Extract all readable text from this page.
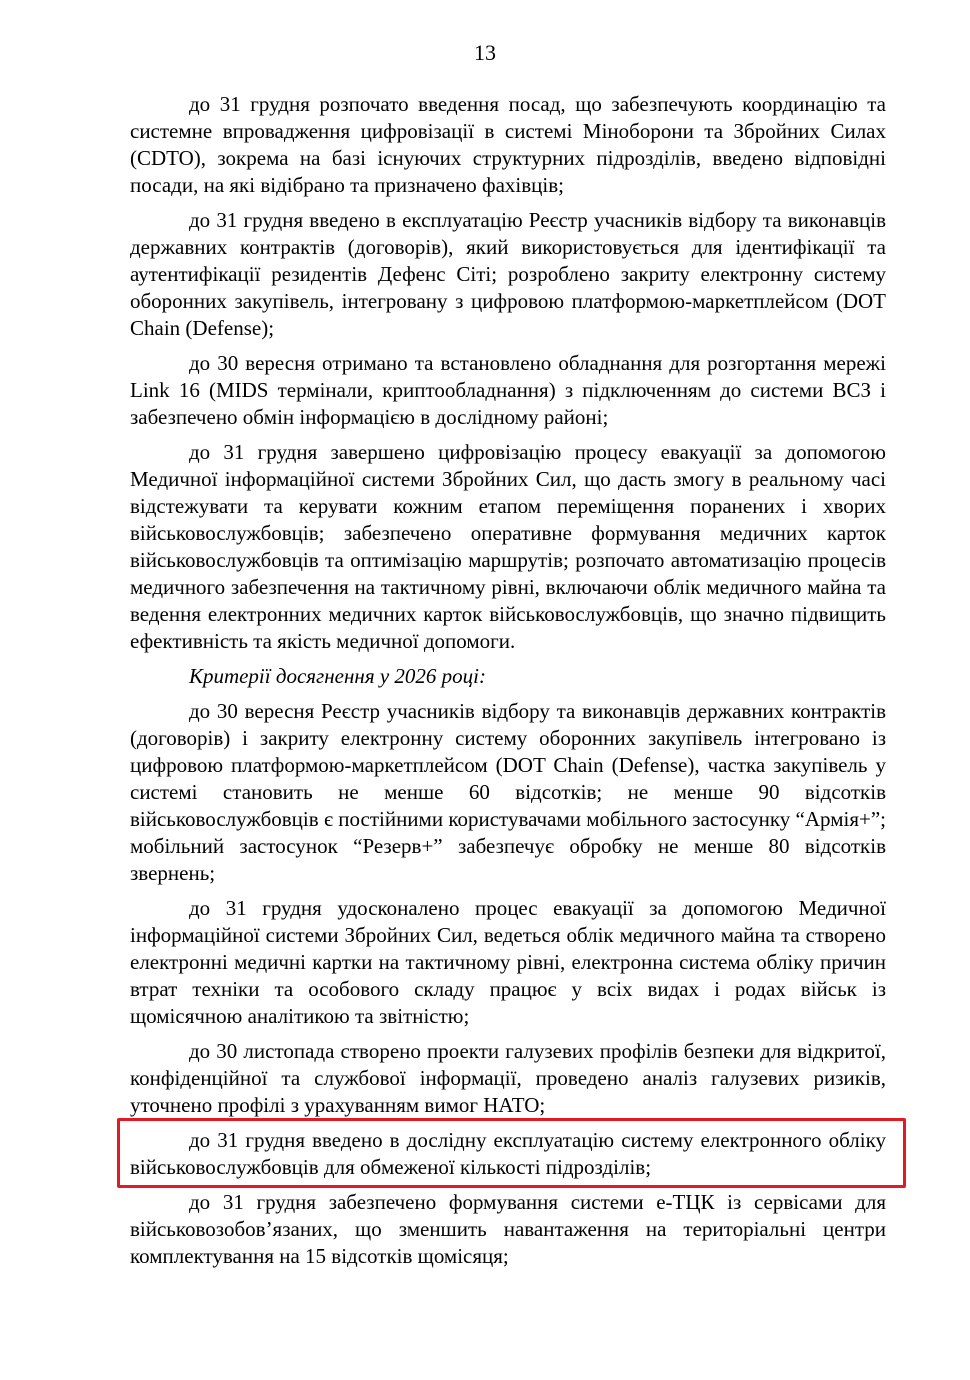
13

до 31 грудня розпочато введення посад, що забезпечують координацію та системне впровадження цифровізації в системі Міноборони та Збройних Силах (CDTO), зокрема на базі існуючих структурних підрозділів, введено відповідні посади, на які відібрано та призначено фахівців;

до 31 грудня введено в експлуатацію Реєстр учасників відбору та виконавців державних контрактів (договорів), який використовується для ідентифікації та аутентифікації резидентів Дефенс Сіті; розроблено закриту електронну систему оборонних закупівель, інтегровану з цифровою платформою-маркетплейсом (DOT Chain (Defense);

до 30 вересня отримано та встановлено обладнання для розгортання мережі Link 16 (MIDS термінали, криптообладнання) з підключенням до системи ВСЗ і забезпечено обмін інформацією в дослідному районі;

до 31 грудня завершено цифровізацію процесу евакуації за допомогою Медичної інформаційної системи Збройних Сил, що дасть змогу в реальному часі відстежувати та керувати кожним етапом переміщення поранених і хворих військовослужбовців; забезпечено оперативне формування медичних карток військовослужбовців та оптимізацію маршрутів; розпочато автоматизацію процесів медичного забезпечення на тактичному рівні, включаючи облік медичного майна та ведення електронних медичних карток військовослужбовців, що значно підвищить ефективність та якість медичної допомоги.

Критерії досягнення у 2026 році:

до 30 вересня Реєстр учасників відбору та виконавців державних контрактів (договорів) і закриту електронну систему оборонних закупівель інтегровано із цифровою платформою-маркетплейсом (DOT Chain (Defense), частка закупівель у системі становить не менше 60 відсотків; не менше 90 відсотків військовослужбовців є постійними користувачами мобільного застосунку “Армія+”; мобільний застосунок “Резерв+” забезпечує обробку не менше 80 відсотків звернень;

до 31 грудня удосконалено процес евакуації за допомогою Медичної інформаційної системи Збройних Сил, ведеться облік медичного майна та створено електронні медичні картки на тактичному рівні, електронна система обліку причин втрат техніки та особового складу працює у всіх видах і родах військ із щомісячною аналітикою та звітністю;

до 30 листопада створено проекти галузевих профілів безпеки для відкритої, конфіденційної та службової інформації, проведено аналіз галузевих ризиків, уточнено профілі з урахуванням вимог НАТО;

до 31 грудня введено в дослідну експлуатацію систему електронного обліку військовослужбовців для обмеженої кількості підрозділів;

до 31 грудня забезпечено формування системи е-ТЦК із сервісами для військовозобов’язаних, що зменшить навантаження на територіальні центри комплектування на 15 відсотків щомісяця;
